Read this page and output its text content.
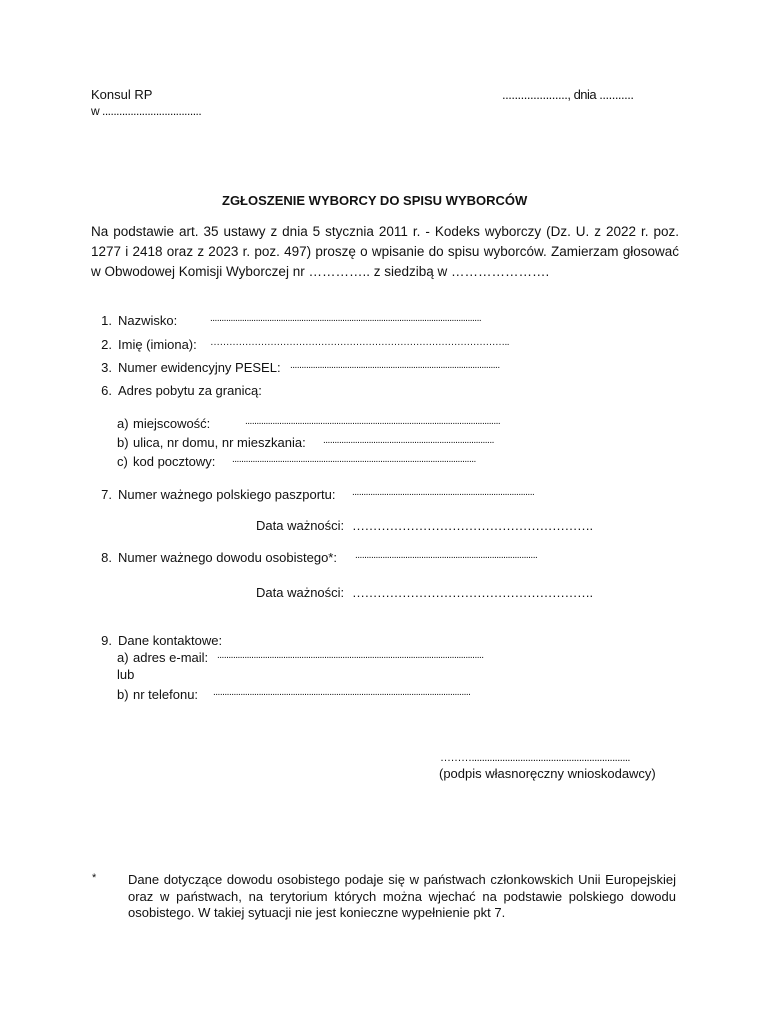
Konsul RP
w ...................................
....................., dnia ...........
ZGŁOSZENIE WYBORCY DO SPISU WYBORCÓW
Na podstawie art. 35 ustawy z dnia 5 stycznia 2011 r. - Kodeks wyborczy (Dz. U. z 2022 r. poz. 1277 i 2418 oraz z 2023 r. poz. 497) proszę o wpisanie do spisu wyborców. Zamierzam głosować w Obwodowej Komisji Wyborczej nr ………….. z siedzibą w ………………….
1. Nazwisko:	.......................................................................................................................
2. Imię (imiona): …………………………………………………………………………………..
3. Numer ewidencyjny PESEL: ............................................................................................
6. Adres pobytu za granicą:
a) miejscowość:	................................................................................................................
b) ulica, nr domu, nr mieszkania: ...........................................................................
c) kod pocztowy: ...........................................................................................................
7. Numer ważnego polskiego paszportu: ................................................................................
Data ważności: ………………………………………………….
8. Numer ważnego dowodu osobistego*: ................................................................................
Data ważności: ………………………………………………….
9. Dane kontaktowe:
a) adres e-mail: .....................................................................................................................
lub
b) nr telefonu: .................................................................................................................
………..............................................................
(podpis własnoręczny wnioskodawcy)
* Dane dotyczące dowodu osobistego podaje się w państwach członkowskich Unii Europejskiej oraz w państwach, na terytorium których można wjechać na podstawie polskiego dowodu osobistego. W takiej sytuacji nie jest konieczne wypełnienie pkt 7.
